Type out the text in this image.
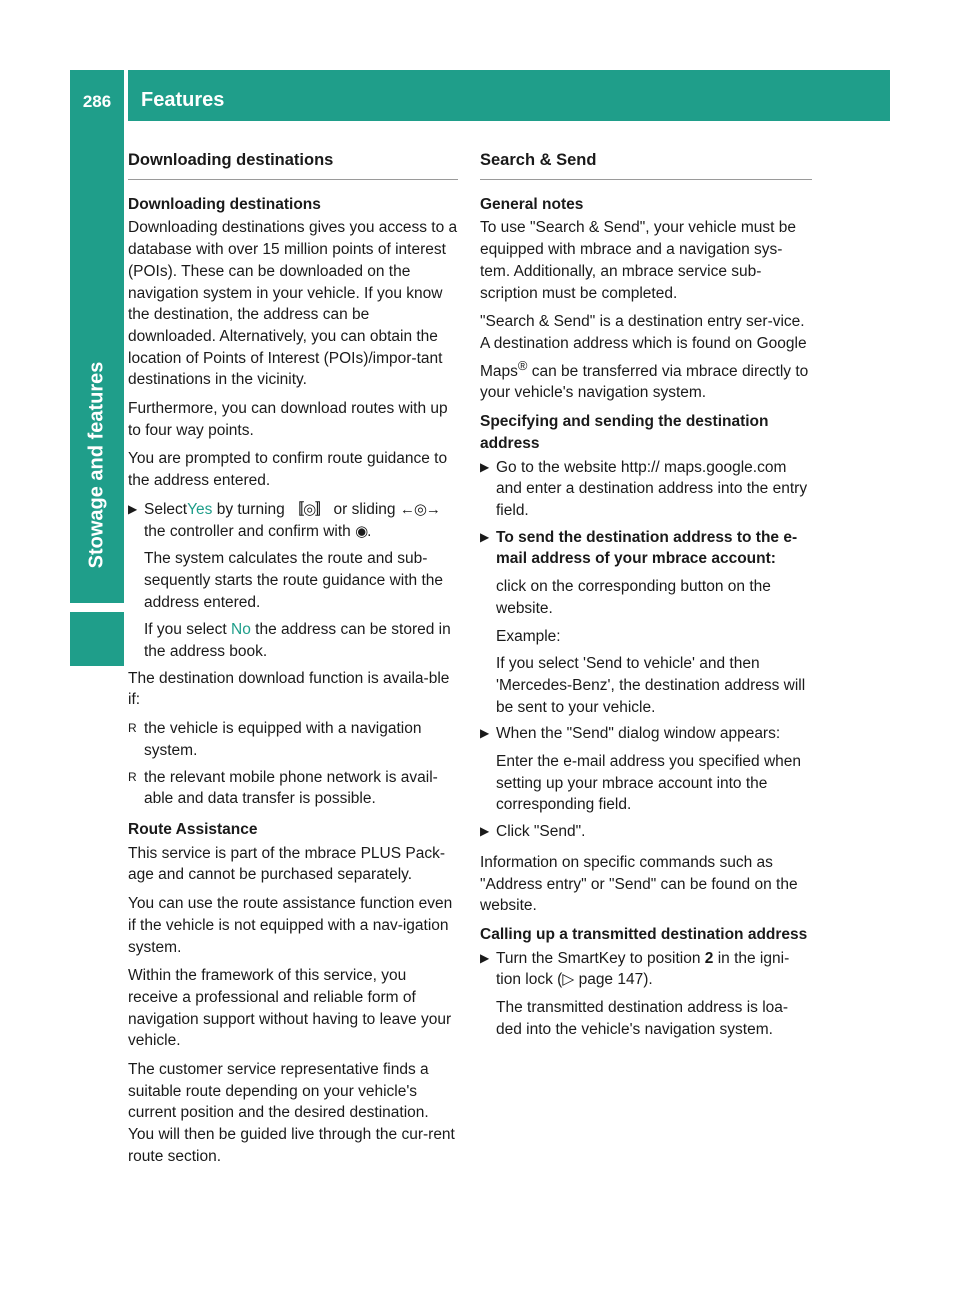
286	Features
Stowage and features
Downloading destinations
Downloading destinations
Downloading destinations gives you access to a database with over 15 million points of interest (POIs). These can be downloaded on the navigation system in your vehicle. If you know the destination, the address can be downloaded. Alternatively, you can obtain the location of Points of Interest (POIs)/impor-tant destinations in the vicinity.
Furthermore, you can download routes with up to four way points.
You are prompted to confirm route guidance to the address entered.
▶ SelectYes by turning 〚◎〛 or sliding ←◎→ the controller and confirm with ◉.
The system calculates the route and sub-sequently starts the route guidance with the address entered.
If you select No the address can be stored in the address book.
The destination download function is availa-ble if:
R the vehicle is equipped with a navigation system.
R the relevant mobile phone network is avail-able and data transfer is possible.
Route Assistance
This service is part of the mbrace PLUS Pack-age and cannot be purchased separately.
You can use the route assistance function even if the vehicle is not equipped with a nav-igation system.
Within the framework of this service, you receive a professional and reliable form of navigation support without having to leave your vehicle.
The customer service representative finds a suitable route depending on your vehicle's current position and the desired destination. You will then be guided live through the cur-rent route section.
Search & Send
General notes
To use "Search & Send", your vehicle must be equipped with mbrace and a navigation sys-tem. Additionally, an mbrace service sub-scription must be completed.
"Search & Send" is a destination entry ser-vice. A destination address which is found on Google Maps® can be transferred via mbrace directly to your vehicle's navigation system.
Specifying and sending the destination address
▶ Go to the website http:// maps.google.com and enter a destination address into the entry field.
▶ To send the destination address to the e-mail address of your mbrace account:
click on the corresponding button on the website.
Example:
If you select 'Send to vehicle' and then 'Mercedes-Benz', the destination address will be sent to your vehicle.
▶ When the "Send" dialog window appears:
Enter the e-mail address you specified when setting up your mbrace account into the corresponding field.
▶ Click "Send".
Information on specific commands such as "Address entry" or "Send" can be found on the website.
Calling up a transmitted destination address
▶ Turn the SmartKey to position 2 in the igni-tion lock (▷ page 147).
The transmitted destination address is loa-ded into the vehicle's navigation system.
